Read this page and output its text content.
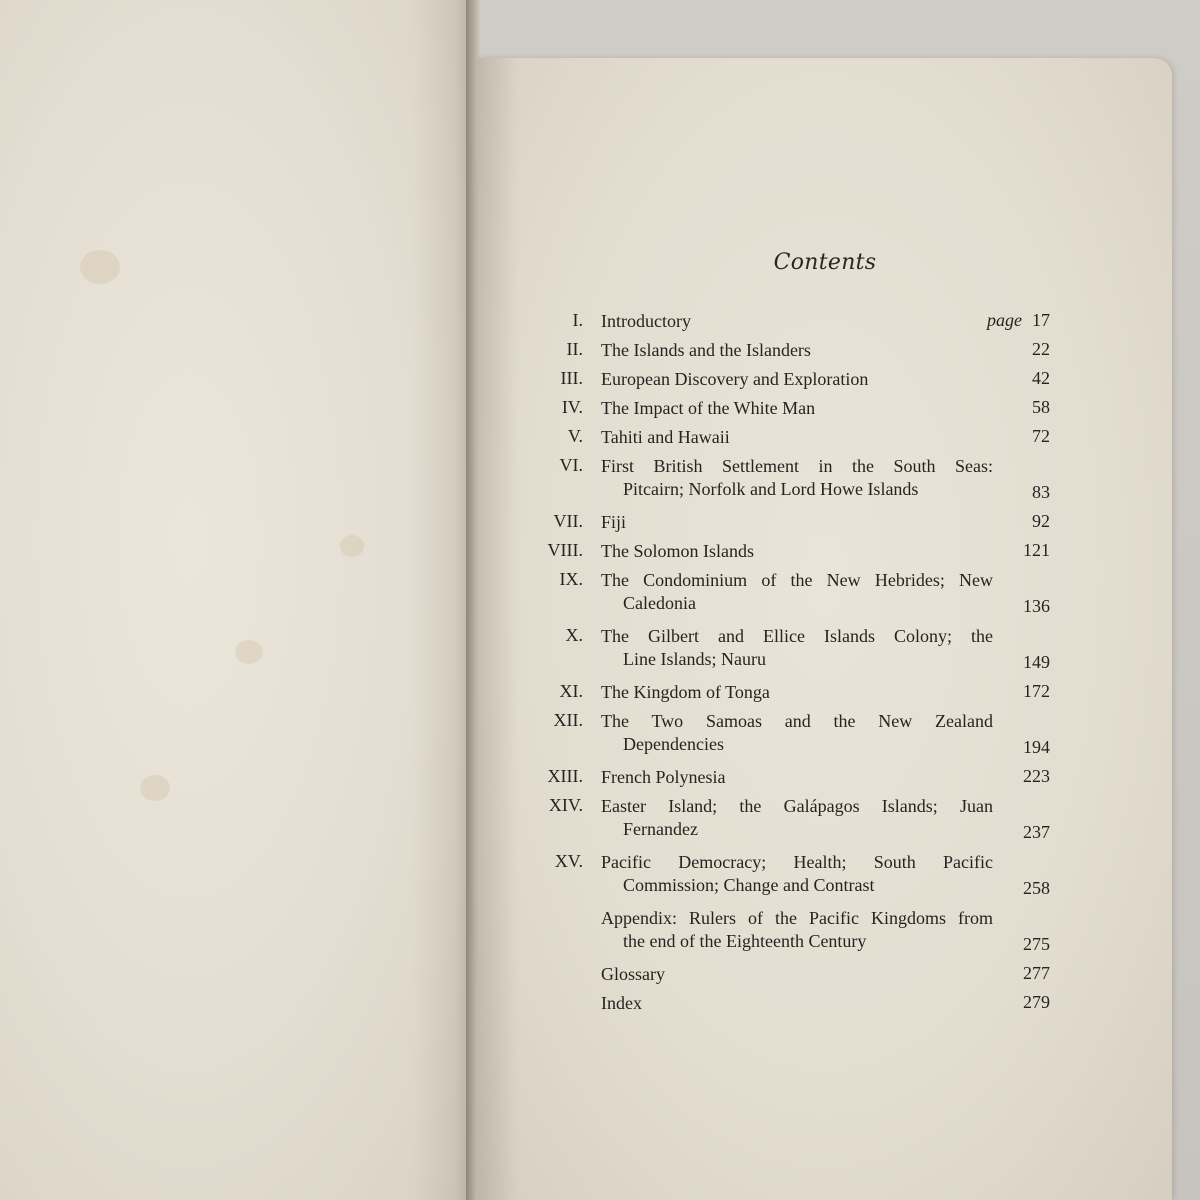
Contents
I. Introductory	page 17
II. The Islands and the Islanders	22
III. European Discovery and Exploration	42
IV. The Impact of the White Man	58
V. Tahiti and Hawaii	72
VI. First British Settlement in the South Seas:
Pitcairn; Norfolk and Lord Howe Islands	83
VII. Fiji	92
VIII. The Solomon Islands	121
IX. The Condominium of the New Hebrides; New
Caledonia	136
X. The Gilbert and Ellice Islands Colony; the
Line Islands; Nauru	149
XI. The Kingdom of Tonga	172
XII. The Two Samoas and the New Zealand
Dependencies	194
XIII. French Polynesia	223
XIV. Easter Island; the Galápagos Islands; Juan
Fernandez	237
XV. Pacific Democracy; Health; South Pacific
Commission; Change and Contrast	258
Appendix: Rulers of the Pacific Kingdoms from
the end of the Eighteenth Century	275
Glossary	277
Index	279
